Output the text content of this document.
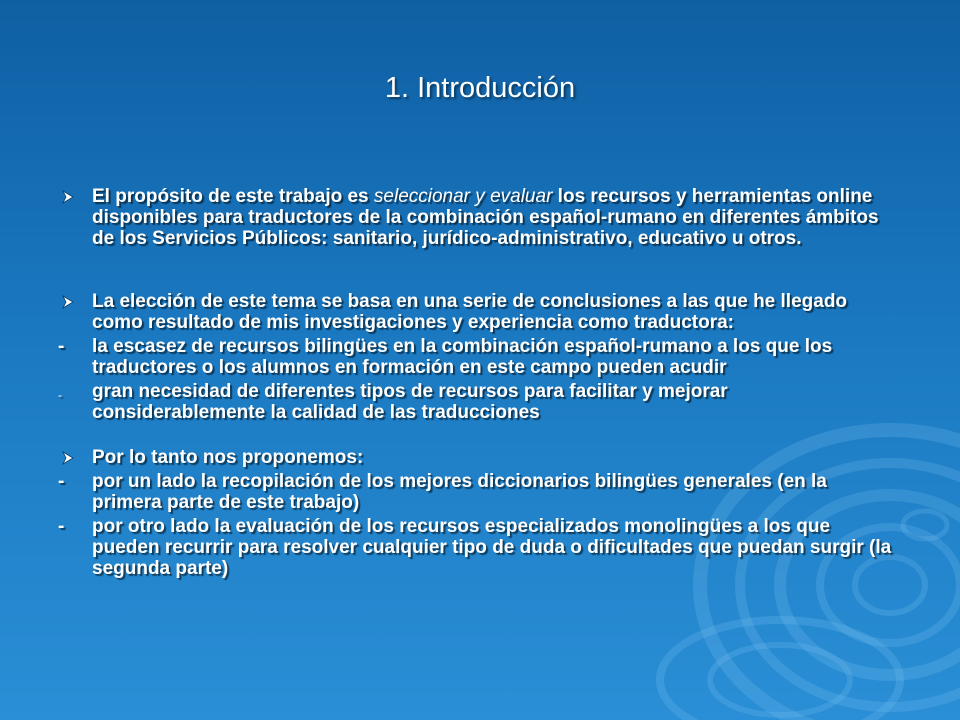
1. Introducción
El propósito de este trabajo es seleccionar y evaluar los recursos y herramientas online disponibles para traductores de la combinación español-rumano en diferentes ámbitos de los Servicios Públicos: sanitario, jurídico-administrativo, educativo u otros.
La elección de este tema se basa en una serie de conclusiones a las que he llegado como resultado de mis investigaciones y experiencia como traductora:
-	la escasez de recursos bilingües en la combinación español-rumano a los que los traductores o los alumnos en formación en este campo pueden acudir
-	gran necesidad de diferentes tipos de recursos para facilitar y mejorar considerablemente la calidad de las traducciones
Por lo tanto nos proponemos:
-	por un lado la recopilación de los mejores diccionarios bilingües generales (en la primera parte de este trabajo)
-	por otro lado la evaluación de los recursos especializados monolingües a los que pueden recurrir para resolver cualquier tipo de duda o dificultades que puedan surgir (la segunda parte)
